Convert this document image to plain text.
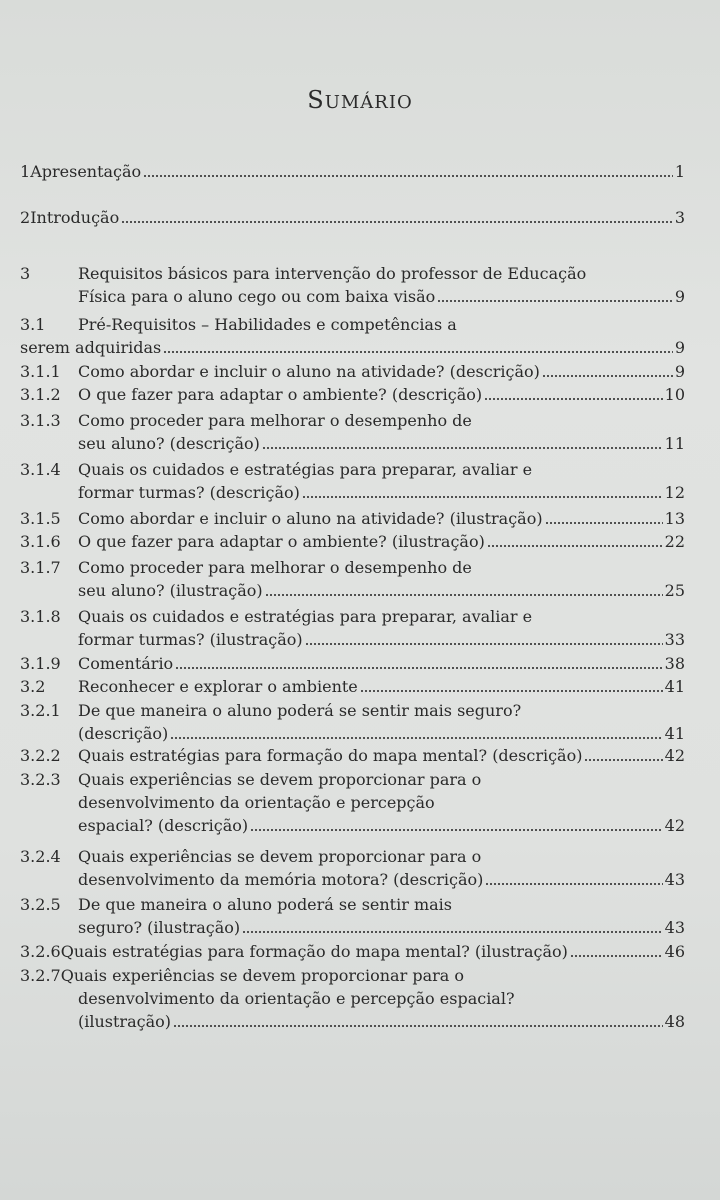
SUMÁRIO
1 Apresentação	1
2 Introdução	3
3	Requisitos básicos para intervenção do professor de Educação
Física para o aluno cego ou com baixa visão	9
3.1	Pré-Requisitos – Habilidades e competências a
serem adquiridas	9
3.1.1	Como abordar e incluir o aluno na atividade? (descrição)	9
3.1.2	O que fazer para adaptar o ambiente? (descrição)	10
3.1.3	Como proceder para melhorar o desempenho de
seu aluno? (descrição)	11
3.1.4	Quais os cuidados e estratégias para preparar, avaliar e
formar turmas? (descrição)	12
3.1.5	Como abordar e incluir o aluno na atividade? (ilustração)	13
3.1.6	O que fazer para adaptar o ambiente? (ilustração)	22
3.1.7	Como proceder para melhorar o desempenho de
seu aluno? (ilustração)	25
3.1.8	Quais os cuidados e estratégias para preparar, avaliar e
formar turmas? (ilustração)	33
3.1.9	Comentário	38
3.2	Reconhecer e explorar o ambiente	41
3.2.1	De que maneira o aluno poderá se sentir mais seguro?
(descrição)	41
3.2.2	Quais estratégias para formação do mapa mental? (descrição)	42
3.2.3	Quais experiências se devem proporcionar para o
desenvolvimento da orientação e percepção
espacial? (descrição)	42
3.2.4	Quais experiências se devem proporcionar para o
desenvolvimento da memória motora? (descrição)	43
3.2.5	De que maneira o aluno poderá se sentir mais
seguro? (ilustração)	43
3.2.6 Quais estratégias para formação do mapa mental? (ilustração)	46
3.2.7 Quais experiências se devem proporcionar para o
desenvolvimento da orientação e percepção espacial?
(ilustração)	48
